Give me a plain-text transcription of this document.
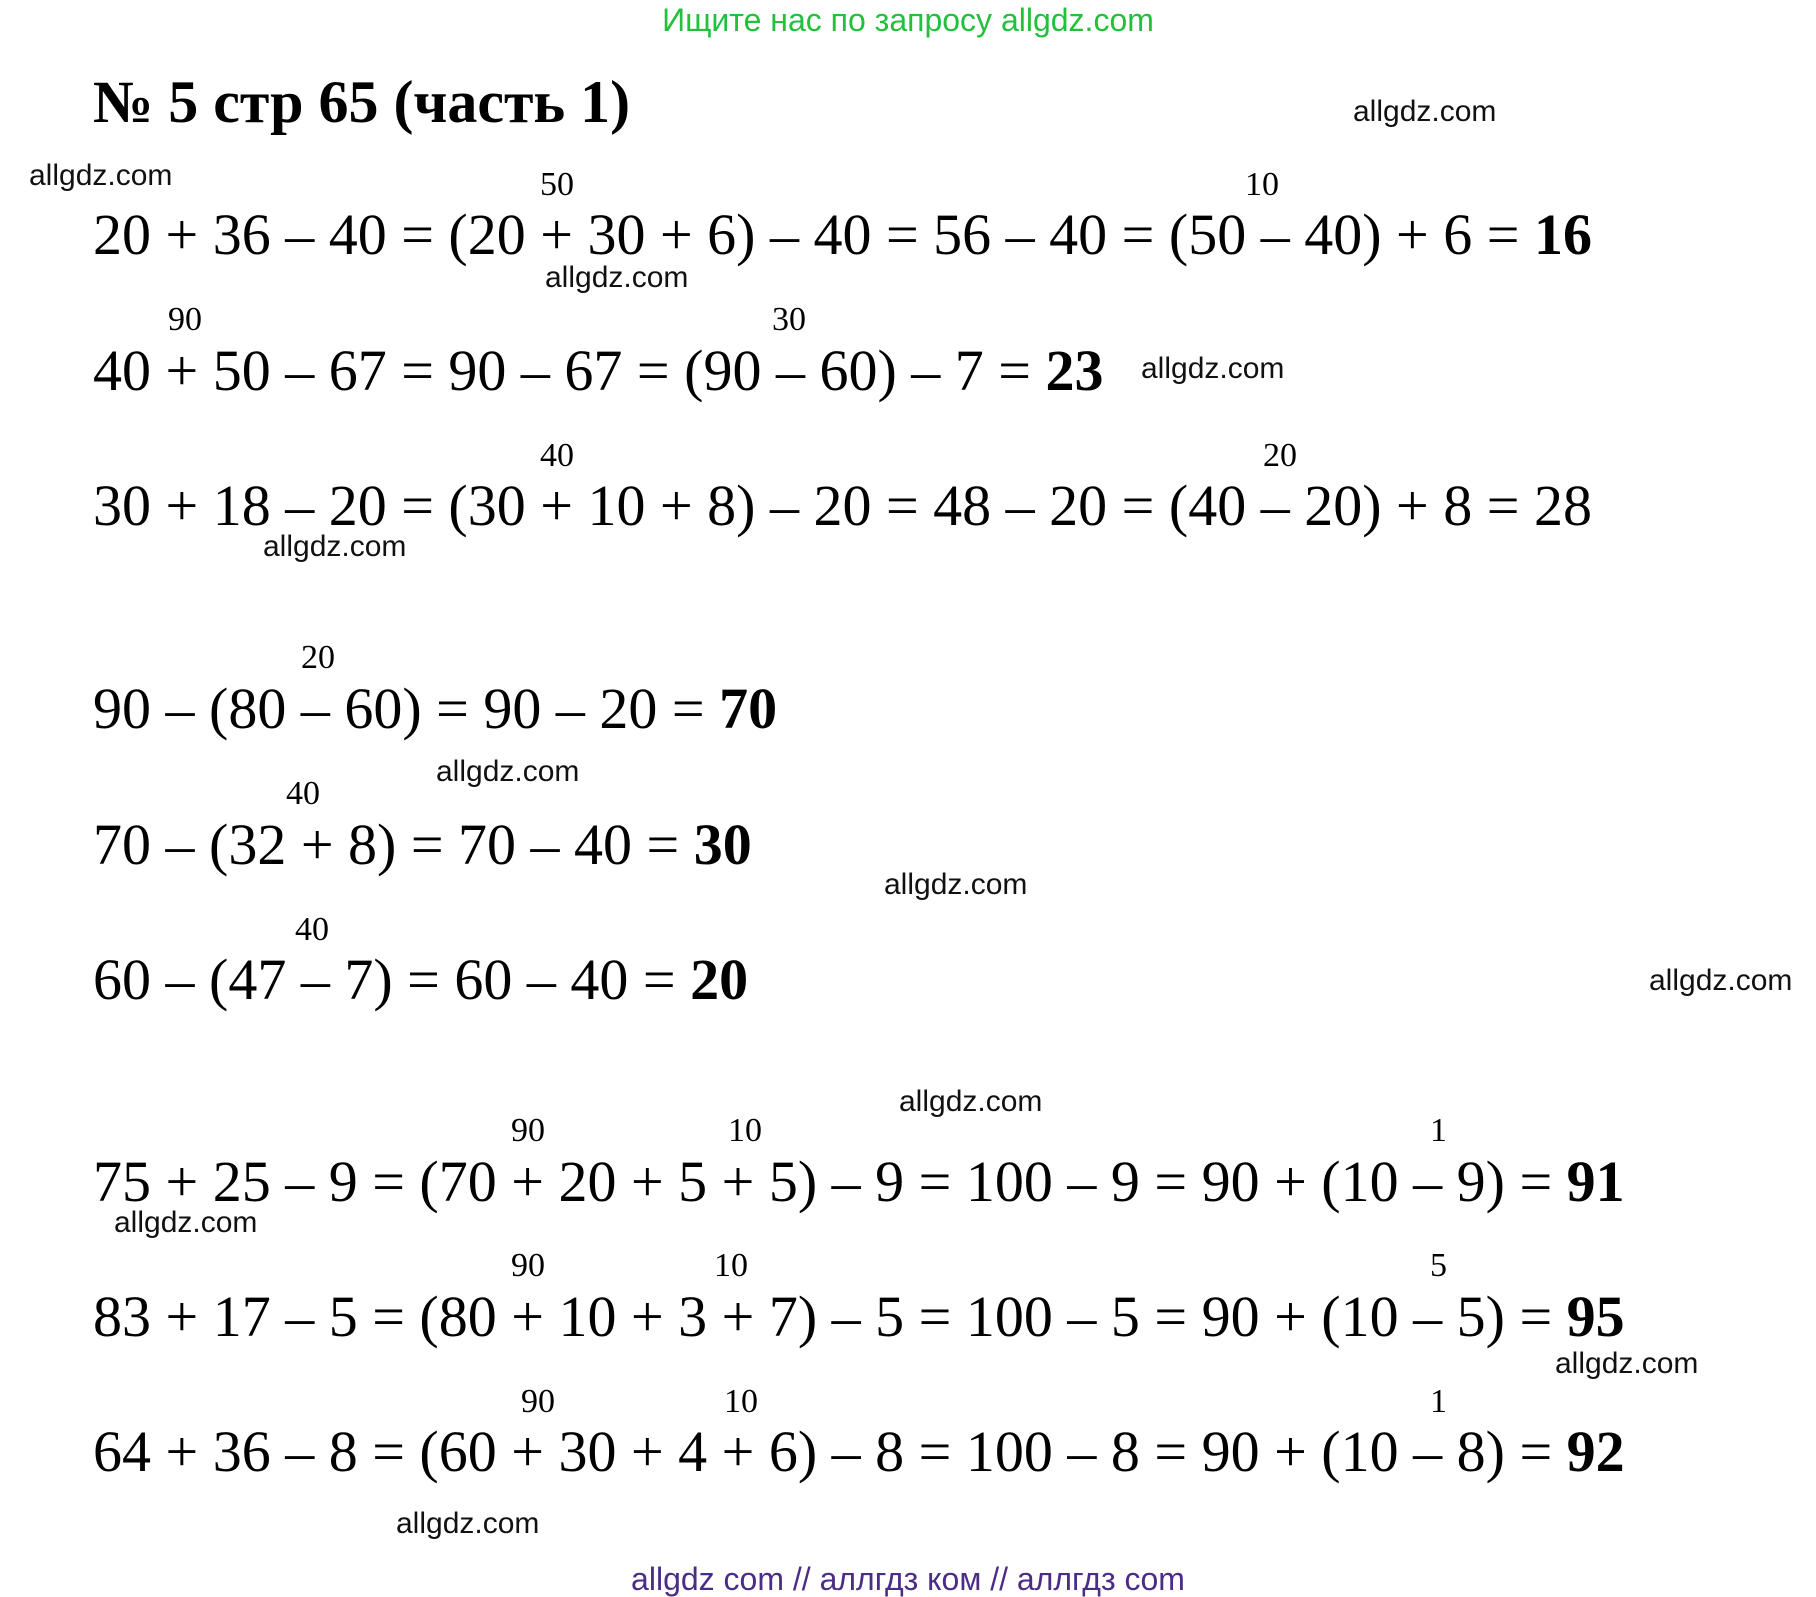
Ищите нас по запросу allgdz.com
№ 5 стр 65 (часть 1)	allgdz.com
allgdz.com
allgdz.com
allgdz.com
allgdz.com
allgdz.com
allgdz.com
allgdz.com
allgdz.com
allgdz.com
allgdz.com
allgdz.com
50	10
20 + 36 – 40 = (20 + 30 + 6) – 40 = 56 – 40 = (50 – 40) + 6 = 16
90	30
40 + 50 – 67 = 90 – 67 = (90 – 60) – 7 = 23
40	20
30 + 18 – 20 = (30 + 10 + 8) – 20 = 48 – 20 = (40 – 20) + 8 = 28
20
90 – (80 – 60) = 90 – 20 = 70
40
70 – (32 + 8) = 70 – 40 = 30
40
60 – (47 – 7) = 60 – 40 = 20
90	10	1
75 + 25 – 9 = (70 + 20 + 5 + 5) – 9 = 100 – 9 = 90 + (10 – 9) = 91
90	10	5
83 + 17 – 5 = (80 + 10 + 3 + 7) – 5 = 100 – 5 = 90 + (10 – 5) = 95
90	10	1
64 + 36 – 8 = (60 + 30 + 4 + 6) – 8 = 100 – 8 = 90 + (10 – 8) = 92
allgdz com // аллгдз ком // аллгдз com
